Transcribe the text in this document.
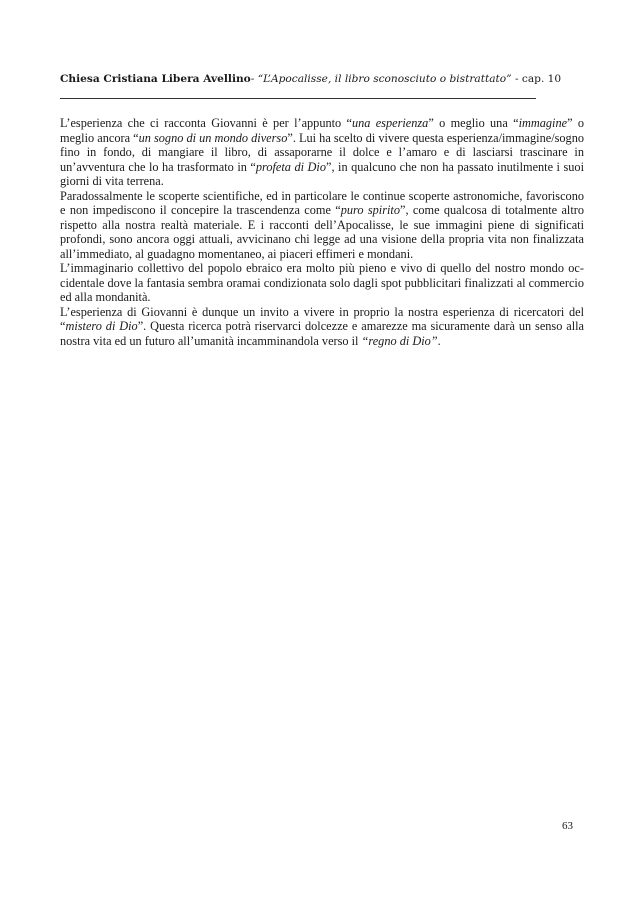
Chiesa Cristiana Libera Avellino- “L’Apocalisse, il libro sconosciuto o bistrattato” - cap. 10

L’esperienza che ci racconta Giovanni è per l’appunto “una esperienza” o meglio una “immagine” o meglio ancora “un sogno di un mondo diverso”. Lui ha scelto di vivere questa esperienza/immagine/sogno fino in fondo, di mangiare il libro, di assaporarne il dolce e l’amaro e di lasciarsi trascinare in un’avventura che lo ha trasformato in “profeta di Dio”, in qualcuno che non ha passato inutilmente i suoi giorni di vita terrena.

Paradossalmente le scoperte scientifiche, ed in particolare le continue scoperte astronomiche, favoriscono e non impediscono il concepire la trascendenza come “puro spirito”, come qualcosa di totalmente altro rispetto alla nostra realtà materiale. E i racconti dell’Apocalisse, le sue immagini piene di significati profondi, sono ancora oggi attuali, avvicinano chi legge ad una visione della propria vita non finalizzata all’immediato, al guadagno momentaneo, ai piaceri effimeri e mondani.

L’immaginario collettivo del popolo ebraico era molto più pieno e vivo di quello del nostro mondo occidentale dove la fantasia sembra oramai condizionata solo dagli spot pubblicitari finalizzati al commercio ed alla mondanità.

L’esperienza di Giovanni è dunque un invito a vivere in proprio la nostra esperienza di ricercatori del “mistero di Dio”. Questa ricerca potrà riservarci dolcezze e amarezze ma sicuramente darà un senso alla nostra vita ed un futuro all’umanità incamminandola verso il “regno di Dio”.

63
